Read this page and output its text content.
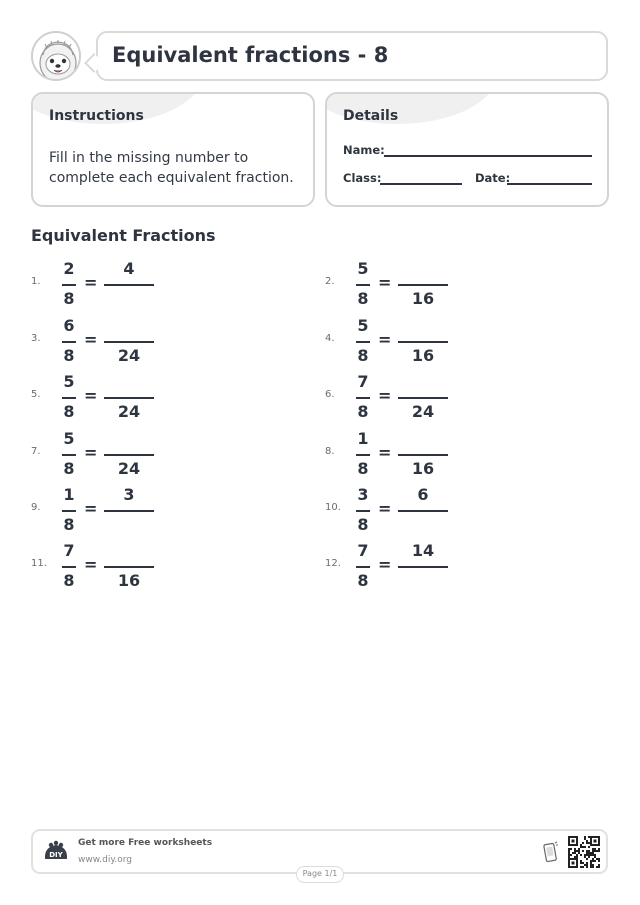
Equivalent fractions - 8
Instructions
Fill in the missing number to complete each equivalent fraction.
Details
Name:
Class:	Date:
Equivalent Fractions
1.
2
8
=
4
2.
5
8
=
16
3.
6
8
=
24
4.
5
8
=
16
5.
5
8
=
24
6.
7
8
=
24
7.
5
8
=
24
8.
1
8
=
16
9.
1
8
=
3
10.
3
8
=
6
11.
7
8
=
16
12.
7
8
=
14
DIY
Get more Free worksheets
www.diy.org
Page 1/1
